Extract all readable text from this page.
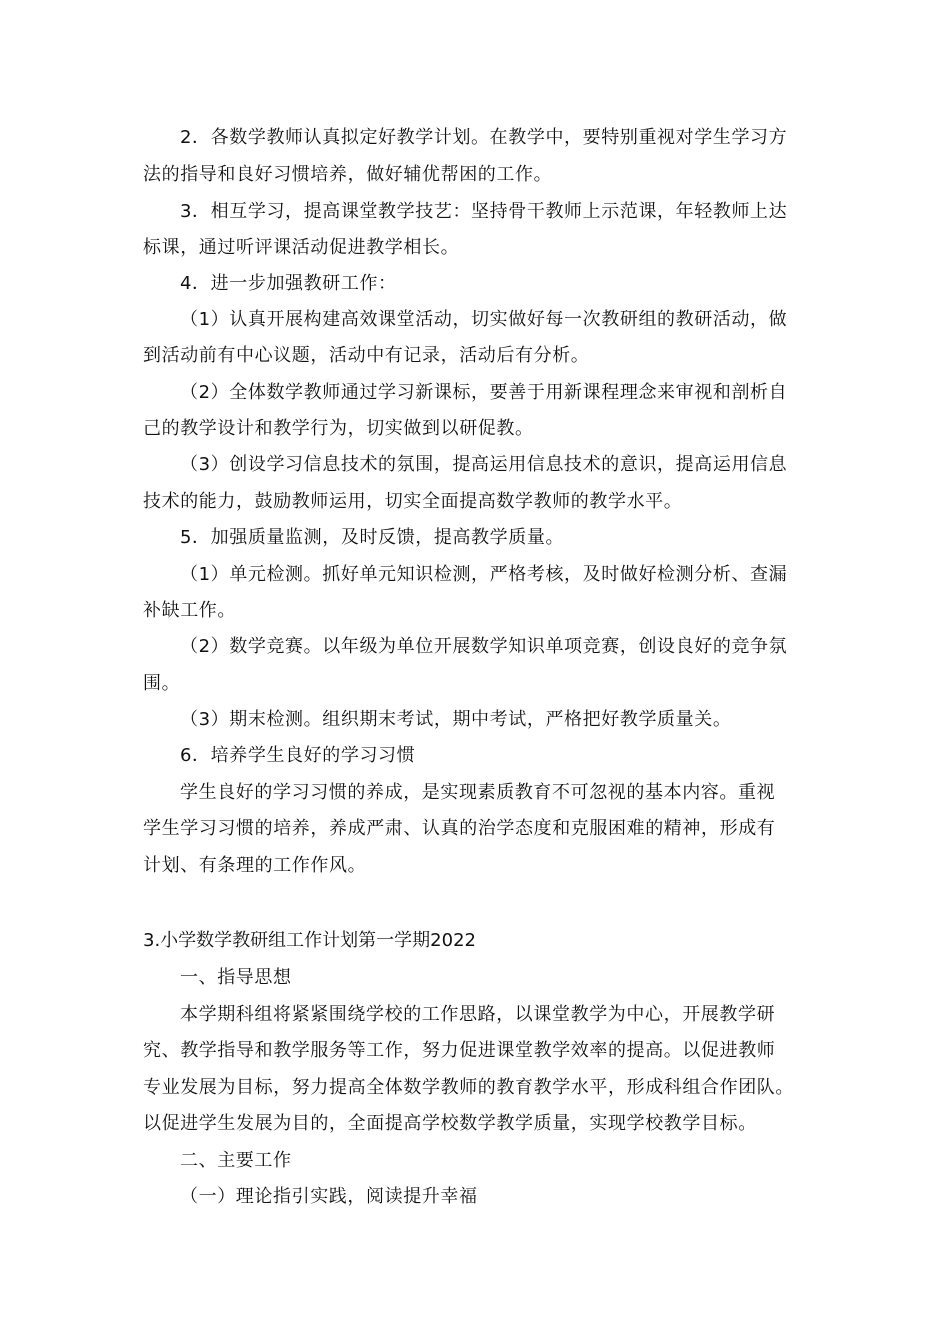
2．各数学教师认真拟定好教学计划。在教学中，要特别重视对学生学习方
法的指导和良好习惯培养，做好辅优帮困的工作。
3．相互学习，提高课堂教学技艺：坚持骨干教师上示范课，年轻教师上达
标课，通过听评课活动促进教学相长。
4．进一步加强教研工作：
（1）认真开展构建高效课堂活动，切实做好每一次教研组的教研活动，做
到活动前有中心议题，活动中有记录，活动后有分析。
（2）全体数学教师通过学习新课标，要善于用新课程理念来审视和剖析自
己的教学设计和教学行为，切实做到以研促教。
（3）创设学习信息技术的氛围，提高运用信息技术的意识，提高运用信息
技术的能力，鼓励教师运用，切实全面提高数学教师的教学水平。
5．加强质量监测，及时反馈，提高教学质量。
（1）单元检测。抓好单元知识检测，严格考核，及时做好检测分析、查漏
补缺工作。
（2）数学竞赛。以年级为单位开展数学知识单项竞赛，创设良好的竞争氛
围。
（3）期末检测。组织期末考试，期中考试，严格把好教学质量关。
6．培养学生良好的学习习惯
学生良好的学习习惯的养成，是实现素质教育不可忽视的基本内容。重视
学生学习习惯的培养，养成严肃、认真的治学态度和克服困难的精神，形成有
计划、有条理的工作作风。
3.小学数学教研组工作计划第一学期2022
一、指导思想
本学期科组将紧紧围绕学校的工作思路，以课堂教学为中心，开展教学研
究、教学指导和教学服务等工作，努力促进课堂教学效率的提高。以促进教师
专业发展为目标，努力提高全体数学教师的教育教学水平，形成科组合作团队。
以促进学生发展为目的，全面提高学校数学教学质量，实现学校教学目标。
二、主要工作
（一）理论指引实践，阅读提升幸福
